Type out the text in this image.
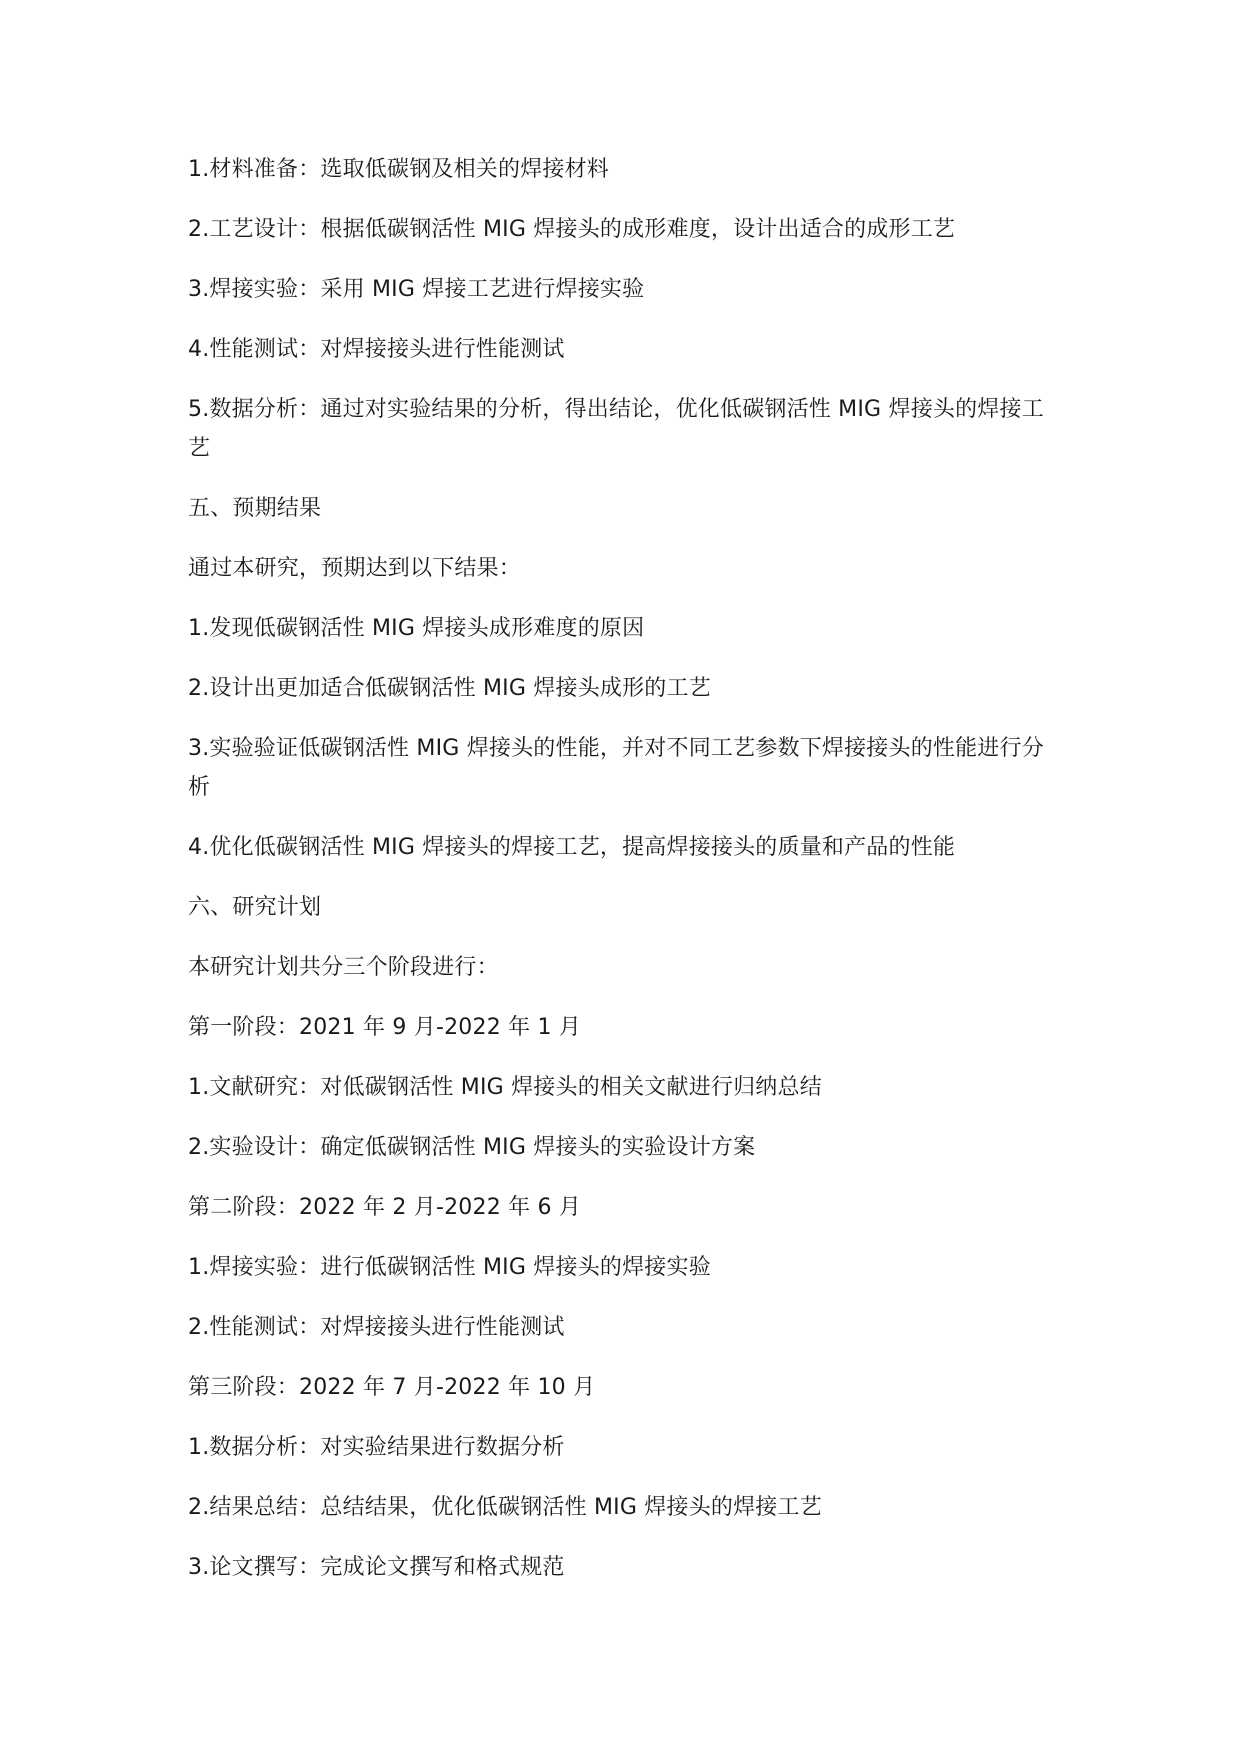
1.材料准备：选取低碳钢及相关的焊接材料

2.工艺设计：根据低碳钢活性 MIG 焊接头的成形难度，设计出适合的成形工艺

3.焊接实验：采用 MIG 焊接工艺进行焊接实验

4.性能测试：对焊接接头进行性能测试

5.数据分析：通过对实验结果的分析，得出结论，优化低碳钢活性 MIG 焊接头的焊接工艺

五、预期结果

通过本研究，预期达到以下结果：

1.发现低碳钢活性 MIG 焊接头成形难度的原因

2.设计出更加适合低碳钢活性 MIG 焊接头成形的工艺

3.实验验证低碳钢活性 MIG 焊接头的性能，并对不同工艺参数下焊接接头的性能进行分析

4.优化低碳钢活性 MIG 焊接头的焊接工艺，提高焊接接头的质量和产品的性能

六、研究计划

本研究计划共分三个阶段进行：

第一阶段：2021 年 9 月-2022 年 1 月

1.文献研究：对低碳钢活性 MIG 焊接头的相关文献进行归纳总结

2.实验设计：确定低碳钢活性 MIG 焊接头的实验设计方案

第二阶段：2022 年 2 月-2022 年 6 月

1.焊接实验：进行低碳钢活性 MIG 焊接头的焊接实验

2.性能测试：对焊接接头进行性能测试

第三阶段：2022 年 7 月-2022 年 10 月

1.数据分析：对实验结果进行数据分析

2.结果总结：总结结果，优化低碳钢活性 MIG 焊接头的焊接工艺

3.论文撰写：完成论文撰写和格式规范
